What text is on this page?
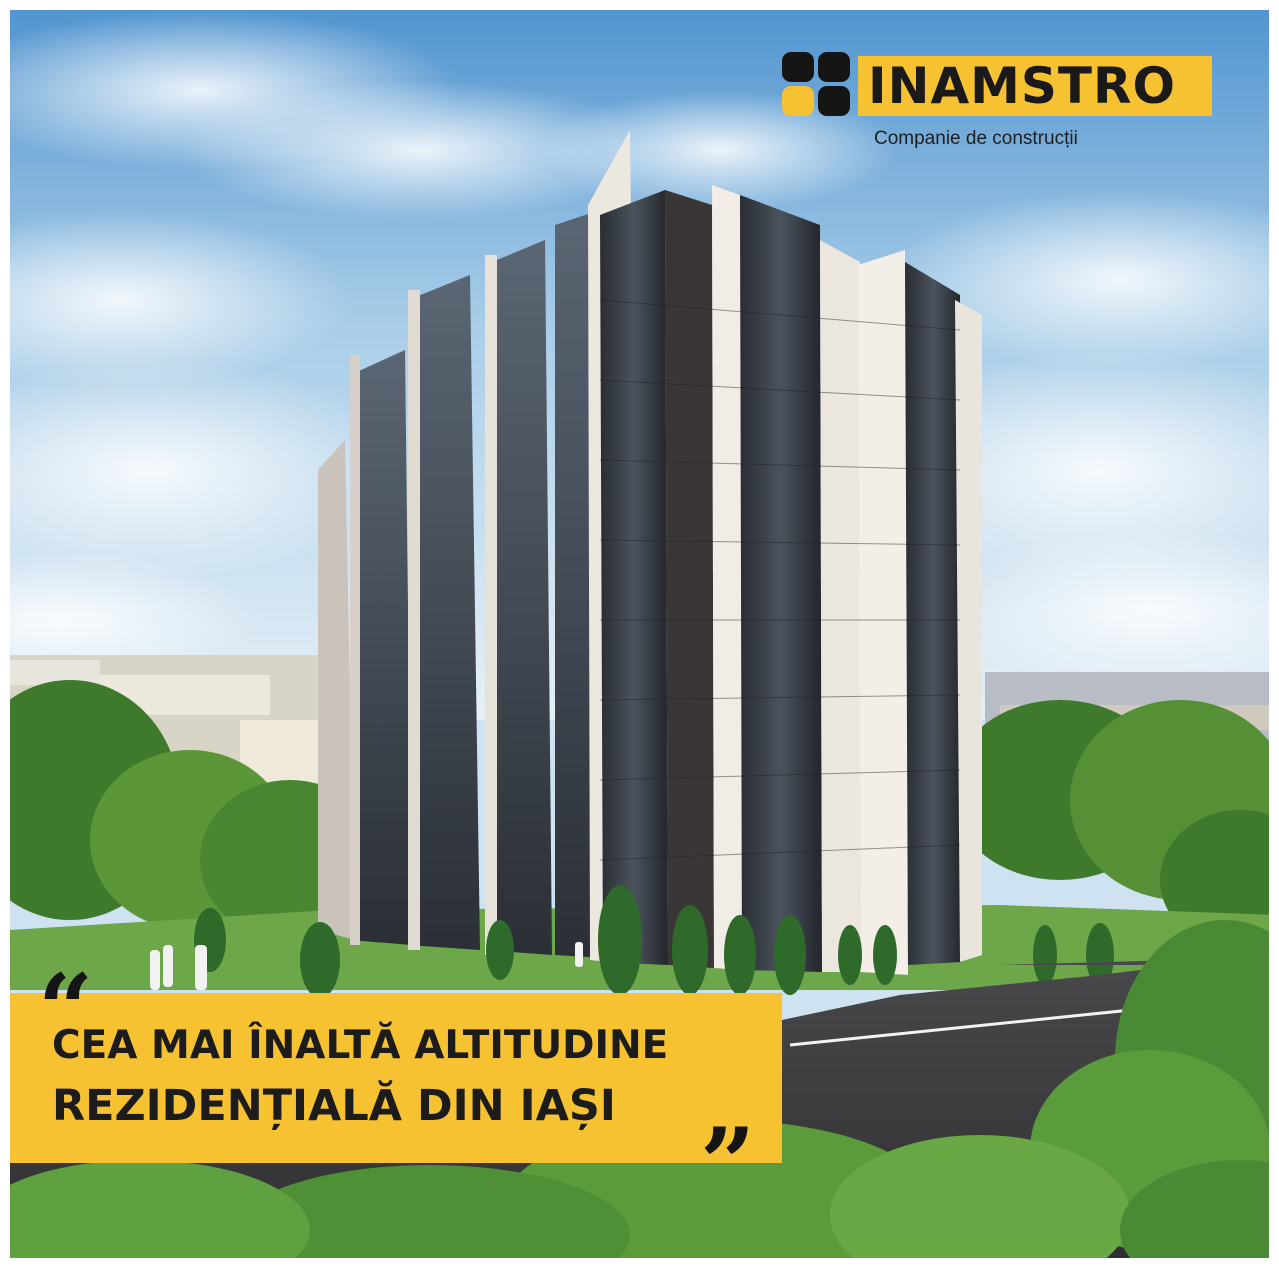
INAMSTRO
Companie de construcții
“
CEA MAI ÎNALTĂ ALTITUDINE
REZIDENȚIALĂ DIN IAȘI
”
